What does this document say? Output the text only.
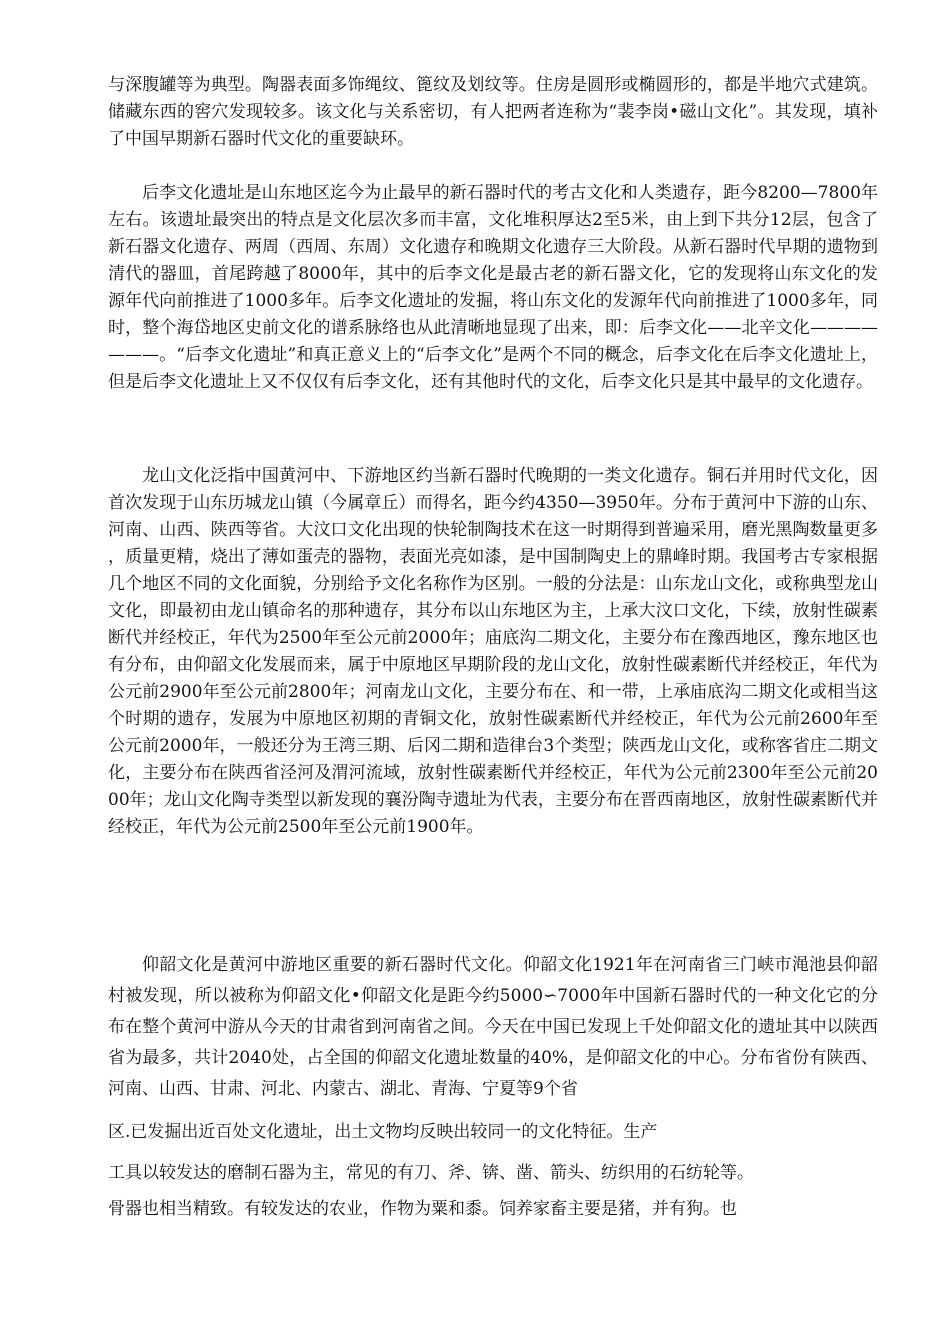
与深腹罐等为典型。陶器表面多饰绳纹、篦纹及划纹等。住房是圆形或椭圆形的，都是半地穴式建筑。储藏东西的窖穴发现较多。该文化与关系密切，有人把两者连称为“裴李岗•磁山文化”。其发现，填补了中国早期新石器时代文化的重要缺环。

后李文化遗址是山东地区迄今为止最早的新石器时代的考古文化和人类遗存，距今8200—7800年左右。该遗址最突出的特点是文化层次多而丰富，文化堆积厚达2至5米，由上到下共分12层，包含了新石器文化遗存、两周（西周、东周）文化遗存和晚期文化遗存三大阶段。从新石器时代早期的遗物到清代的器皿，首尾跨越了8000年，其中的后李文化是最古老的新石器文化，它的发现将山东文化的发源年代向前推进了1000多年。后李文化遗址的发掘，将山东文化的发源年代向前推进了1000多年，同时，整个海岱地区史前文化的谱系脉络也从此清晰地显现了出来，即：后李文化——北辛文化———————。“后李文化遗址”和真正意义上的“后李文化”是两个不同的概念，后李文化在后李文化遗址上，但是后李文化遗址上又不仅仅有后李文化，还有其他时代的文化，后李文化只是其中最早的文化遗存。

龙山文化泛指中国黄河中、下游地区约当新石器时代晚期的一类文化遗存。铜石并用时代文化，因首次发现于山东历城龙山镇（今属章丘）而得名，距今约4350—3950年。分布于黄河中下游的山东、河南、山西、陕西等省。大汶口文化出现的快轮制陶技术在这一时期得到普遍采用，磨光黑陶数量更多，质量更精，烧出了薄如蛋壳的器物，表面光亮如漆，是中国制陶史上的鼎峰时期。我国考古专家根据几个地区不同的文化面貌，分别给予文化名称作为区别。一般的分法是：山东龙山文化，或称典型龙山文化，即最初由龙山镇命名的那种遗存，其分布以山东地区为主，上承大汶口文化，下续，放射性碳素断代并经校正，年代为2500年至公元前2000年；庙底沟二期文化，主要分布在豫西地区，豫东地区也有分布，由仰韶文化发展而来，属于中原地区早期阶段的龙山文化，放射性碳素断代并经校正，年代为公元前2900年至公元前2800年；河南龙山文化，主要分布在、和一带，上承庙底沟二期文化或相当这个时期的遗存，发展为中原地区初期的青铜文化，放射性碳素断代并经校正，年代为公元前2600年至公元前2000年，一般还分为王湾三期、后冈二期和造律台3个类型；陕西龙山文化，或称客省庄二期文化，主要分布在陕西省泾河及渭河流域，放射性碳素断代并经校正，年代为公元前2300年至公元前2000年；龙山文化陶寺类型以新发现的襄汾陶寺遗址为代表，主要分布在晋西南地区，放射性碳素断代并经校正，年代为公元前2500年至公元前1900年。

仰韶文化是黄河中游地区重要的新石器时代文化。仰韶文化1921年在河南省三门峡市渑池县仰韶村被发现，所以被称为仰韶文化•仰韶文化是距今约5000∽7000年中国新石器时代的一种文化它的分布在整个黄河中游从今天的甘肃省到河南省之间。今天在中国已发现上千处仰韶文化的遗址其中以陕西省为最多，共计2040处，占全国的仰韶文化遗址数量的40%，是仰韶文化的中心。分布省份有陕西、河南、山西、甘肃、河北、内蒙古、湖北、青海、宁夏等9个省

区.已发掘出近百处文化遗址，出土文物均反映出较同一的文化特征。生产

工具以较发达的磨制石器为主，常见的有刀、斧、锛、凿、箭头、纺织用的石纺轮等。

骨器也相当精致。有较发达的农业，作物为粟和黍。饲养家畜主要是猪，并有狗。也
